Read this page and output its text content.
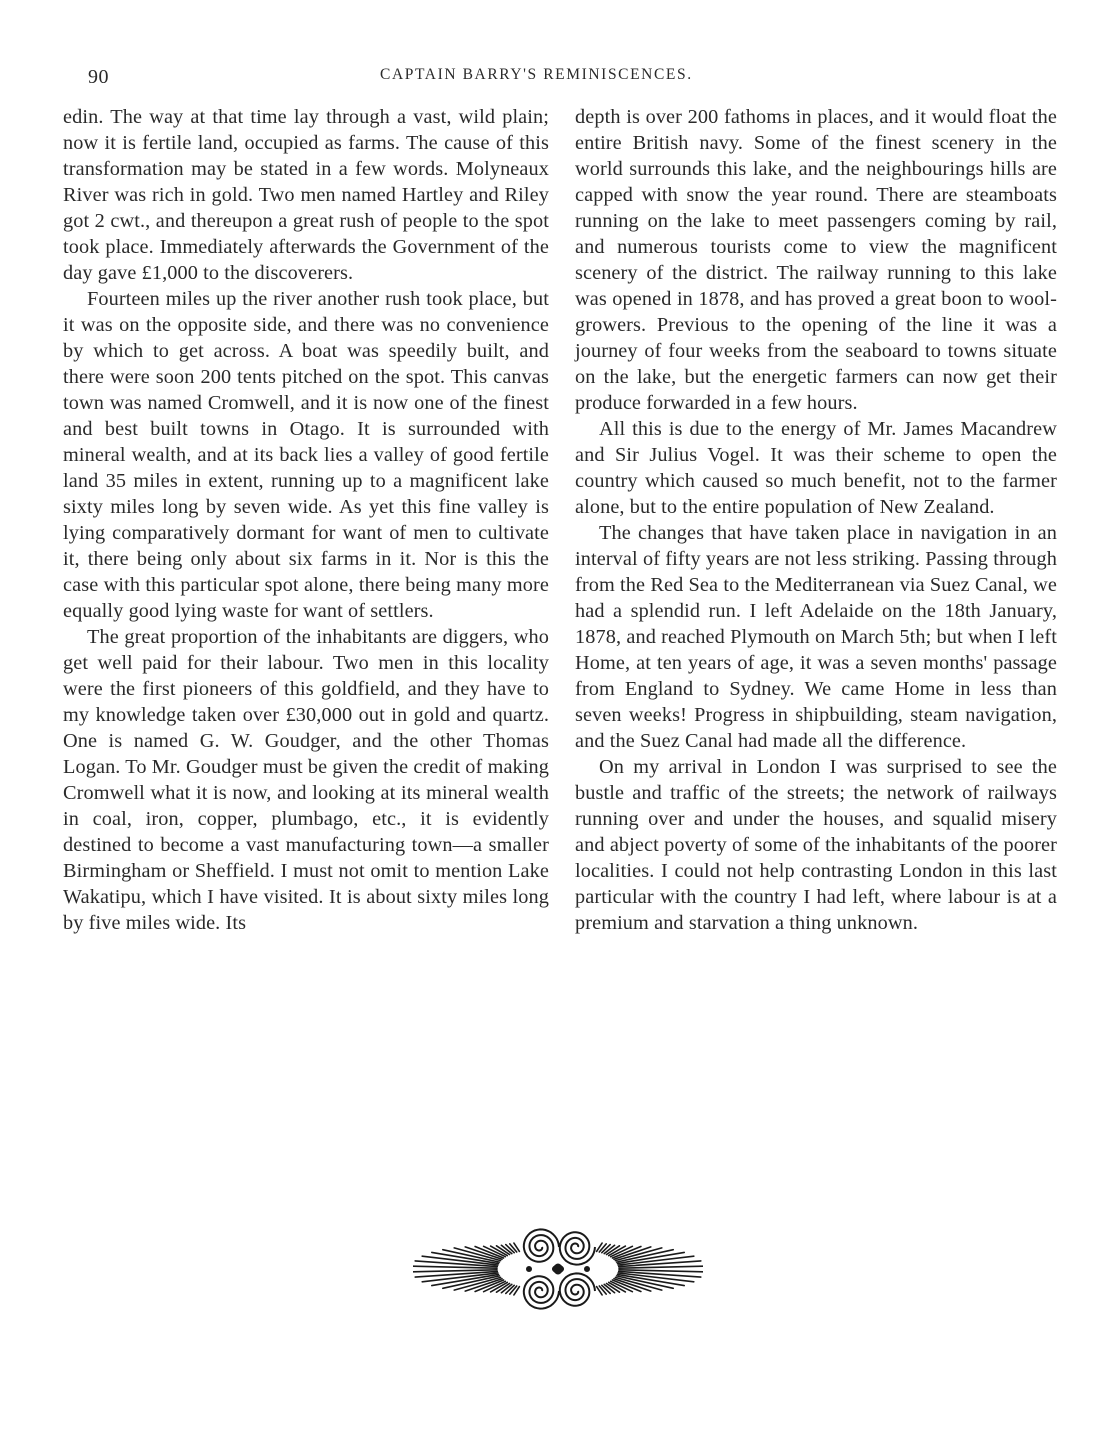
90	CAPTAIN BARRY'S REMINISCENCES.

edin. The way at that time lay through a vast, wild plain; now it is fertile land, occupied as farms. The cause of this transformation may be stated in a few words. Molyneaux River was rich in gold. Two men named Hartley and Riley got 2 cwt., and thereupon a great rush of people to the spot took place. Immediately afterwards the Government of the day gave £1,000 to the discoverers.

Fourteen miles up the river another rush took place, but it was on the opposite side, and there was no convenience by which to get across. A boat was speedily built, and there were soon 200 tents pitched on the spot. This canvas town was named Cromwell, and it is now one of the finest and best built towns in Otago. It is surrounded with mineral wealth, and at its back lies a valley of good fertile land 35 miles in extent, running up to a magnificent lake sixty miles long by seven wide. As yet this fine valley is lying comparatively dormant for want of men to cultivate it, there being only about six farms in it. Nor is this the case with this particular spot alone, there being many more equally good lying waste for want of settlers.

The great proportion of the inhabitants are diggers, who get well paid for their labour. Two men in this locality were the first pioneers of this goldfield, and they have to my knowledge taken over £30,000 out in gold and quartz. One is named G. W. Goudger, and the other Thomas Logan. To Mr. Goudger must be given the credit of making Cromwell what it is now, and looking at its mineral wealth in coal, iron, copper, plumbago, etc., it is evidently destined to become a vast manufacturing town—a smaller Birmingham or Sheffield. I must not omit to mention Lake Wakatipu, which I have visited. It is about sixty miles long by five miles wide. Its

depth is over 200 fathoms in places, and it would float the entire British navy. Some of the finest scenery in the world surrounds this lake, and the neighbourings hills are capped with snow the year round. There are steamboats running on the lake to meet passengers coming by rail, and numerous tourists come to view the magnificent scenery of the district. The railway running to this lake was opened in 1878, and has proved a great boon to wool-growers. Previous to the opening of the line it was a journey of four weeks from the seaboard to towns situate on the lake, but the energetic farmers can now get their produce forwarded in a few hours.

All this is due to the energy of Mr. James Macandrew and Sir Julius Vogel. It was their scheme to open the country which caused so much benefit, not to the farmer alone, but to the entire population of New Zealand.

The changes that have taken place in navigation in an interval of fifty years are not less striking. Passing through from the Red Sea to the Mediterranean via Suez Canal, we had a splendid run. I left Adelaide on the 18th January, 1878, and reached Plymouth on March 5th; but when I left Home, at ten years of age, it was a seven months' passage from England to Sydney. We came Home in less than seven weeks! Progress in shipbuilding, steam navigation, and the Suez Canal had made all the difference.

On my arrival in London I was surprised to see the bustle and traffic of the streets; the network of railways running over and under the houses, and squalid misery and abject poverty of some of the inhabitants of the poorer localities. I could not help contrasting London in this last particular with the country I had left, where labour is at a premium and starvation a thing unknown.
